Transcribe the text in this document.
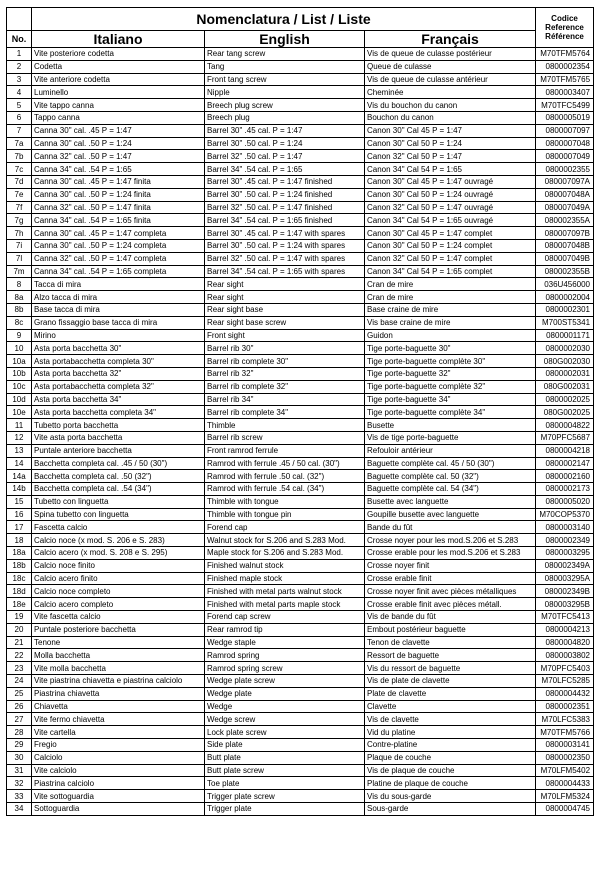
	Nomenclatura / List / Liste			Codice
Reference
Référence

No.	Italiano	English	Français	
1	Vite posteriore codetta	Rear tang screw	Vis de queue de culasse postérieur	M70TFM5764
2	Codetta	Tang	Queue de culasse	0800002354
3	Vite anteriore codetta	Front tang screw	Vis de queue de culasse antérieur	M70TFM5765
4	Luminello	Nipple	Cheminée	0800003407
5	Vite tappo canna	Breech plug screw	Vis du bouchon du canon	M70TFC5499
6	Tappo canna	Breech plug	Bouchon du canon	0800005019
7	Canna 30" cal. .45 P = 1:47	Barrel 30" .45 cal. P = 1:47	Canon 30" Cal 45 P = 1:47	0800007097
7a	Canna 30" cal. .50 P = 1:24	Barrel 30" .50 cal. P = 1:24	Canon 30" Cal 50 P = 1:24	0800007048
7b	Canna 32" cal. .50 P = 1:47	Barrel 32" .50 cal. P = 1:47	Canon 32" Cal 50 P = 1:47	0800007049
7c	Canna 34" cal. .54 P = 1:65	Barrel 34" .54 cal. P = 1:65	Canon 34" Cal 54 P = 1:65	0800002355
7d	Canna 30" cal. .45 P = 1:47 finita	Barrel 30" .45 cal. P = 1:47 finished	Canon 30" Cal 45 P = 1:47 ouvragé	080007097A
7e	Canna 30" cal. .50 P = 1:24 finita	Barrel 30" .50 cal. P = 1:24 finished	Canon 30" Cal 50 P = 1:24 ouvragé	080007048A
7f	Canna 32" cal. .50 P = 1:47 finita	Barrel 32" .50 cal. P = 1:47 finished	Canon 32" Cal 50 P = 1:47 ouvragé	080007049A
7g	Canna 34" cal. .54 P = 1:65 finita	Barrel 34" .54 cal. P = 1:65 finished	Canon 34" Cal 54 P = 1:65 ouvragé	080002355A
7h	Canna 30" cal. .45 P = 1:47 completa	Barrel 30" .45 cal. P = 1:47 with spares	Canon 30" Cal 45 P = 1:47 complet	080007097B
7i	Canna 30" cal. .50 P = 1:24 completa	Barrel 30" .50 cal. P = 1:24 with spares	Canon 30" Cal 50 P = 1:24 complet	080007048B
7l	Canna 32" cal. .50 P = 1:47 completa	Barrel 32" .50 cal. P = 1:47 with spares	Canon 32" Cal 50 P = 1:47 complet	080007049B
7m	Canna 34" cal. .54 P = 1:65 completa	Barrel 34" .54 cal. P = 1:65 with spares	Canon 34" Cal 54 P = 1:65 complet	080002355B
8	Tacca di mira	Rear sight	Cran de mire	036U456000
8a	Alzo tacca di mira	Rear sight	Cran de mire	0800002004
8b	Base tacca di mira	Rear sight base	Base craine de mire	0800002301
8c	Grano fissaggio base tacca di mira	Rear sight base screw	Vis base craine de mire	M700ST5341
9	Mirino	Front sight	Guidon	0800001171
10	Asta porta bacchetta 30"	Barrel rib 30"	Tige porte-baguette 30"	0800002030
10a	Asta portabacchetta completa 30"	Barrel rib complete 30"	Tige porte-baguette complète 30"	080G002030
10b	Asta porta bacchetta 32"	Barrel rib 32"	Tige porte-baguette 32"	0800002031
10c	Asta portabacchetta completa 32"	Barrel rib complete 32"	Tige porte-baguette complète 32"	080G002031
10d	Asta porta bacchetta 34"	Barrel rib 34"	Tige porte-baguette 34"	0800002025
10e	Asta porta bacchetta completa 34"	Barrel rib complete 34"	Tige porte-baguette complète 34"	080G002025
11	Tubetto porta bacchetta	Thimble	Busette	0800004822
12	Vite asta porta bacchetta	Barrel rib screw	Vis de tige porte-baguette	M70PFC5687
13	Puntale anteriore bacchetta	Front ramrod ferrule	Refouloir antérieur	0800004218
14	Bacchetta completa cal. .45 / 50 (30")	Ramrod with ferrule .45 / 50 cal. (30")	Baguette complète cal. 45 / 50 (30")	0800002147
14a	Bacchetta completa cal. .50 (32")	Ramrod with ferrule .50 cal. (32")	Baguette complète cal. 50 (32")	0800002160
14b	Bacchetta completa cal. .54 (34")	Ramrod with ferrule .54 cal. (34")	Baguette complète cal. 54 (34")	0800002173
15	Tubetto con linguetta	Thimble with tongue	Busette avec languette	0800005020
16	Spina tubetto con linguetta	Thimble with tongue pin	Goupille busette avec languette	M70COP5370
17	Fascetta calcio	Forend cap	Bande du fût	0800003140
18	Calcio noce (x mod. S. 206 e S. 283)	Walnut stock for S.206 and S.283 Mod.	Crosse noyer pour les mod.S.206 et S.283	0800002349
18a	Calcio acero (x mod. S. 208 e S. 295)	Maple stock for S.206 and S.283 Mod.	Crosse erable pour les mod.S.206 et S.283	0800003295
18b	Calcio noce finito	Finished walnut stock	Crosse noyer finit	080002349A
18c	Calcio acero finito	Finished maple stock	Crosse erable finit	080003295A
18d	Calcio noce completo	Finished with metal parts walnut stock	Crosse noyer finit avec pièces métalliques	080002349B
18e	Calcio acero completo	Finished with metal parts maple stock	Crosse erable finit avec pièces métall.	080003295B
19	Vite fascetta calcio	Forend cap screw	Vis de bande du fût	M70TFC5413
20	Puntale posteriore bacchetta	Rear ramrod tip	Embout postérieur baguette	0800004213
21	Tenone	Wedge staple	Tenon de clavette	0800004820
22	Molla bacchetta	Ramrod spring	Ressort de baguette	0800003802
23	Vite molla bacchetta	Ramrod spring screw	Vis du ressort de baguette	M70PFC5403
24	Vite piastrina chiavetta e piastrina calciolo	Wedge plate screw	Vis de plate de clavette	M70LFC5285
25	Piastrina chiavetta	Wedge plate	Plate de clavette	0800004432
26	Chiavetta	Wedge	Clavette	0800002351
27	Vite fermo chiavetta	Wedge screw	Vis de clavette	M70LFC5383
28	Vite cartella	Lock plate screw	Vid du platine	M70TFM5766
29	Fregio	Side plate	Contre-platine	0800003141
30	Calciolo	Butt plate	Plaque de couche	0800002350
31	Vite calciolo	Butt plate screw	Vis de plaque de couche	M70LFM5402
32	Piastrina calciolo	Toe plate	Platine de plaque de couche	0800004433
33	Vite sottoguardia	Trigger plate screw	Vis du sous-garde	M70LFM5324
34	Sottoguardia	Trigger plate	Sous-garde	0800004745
